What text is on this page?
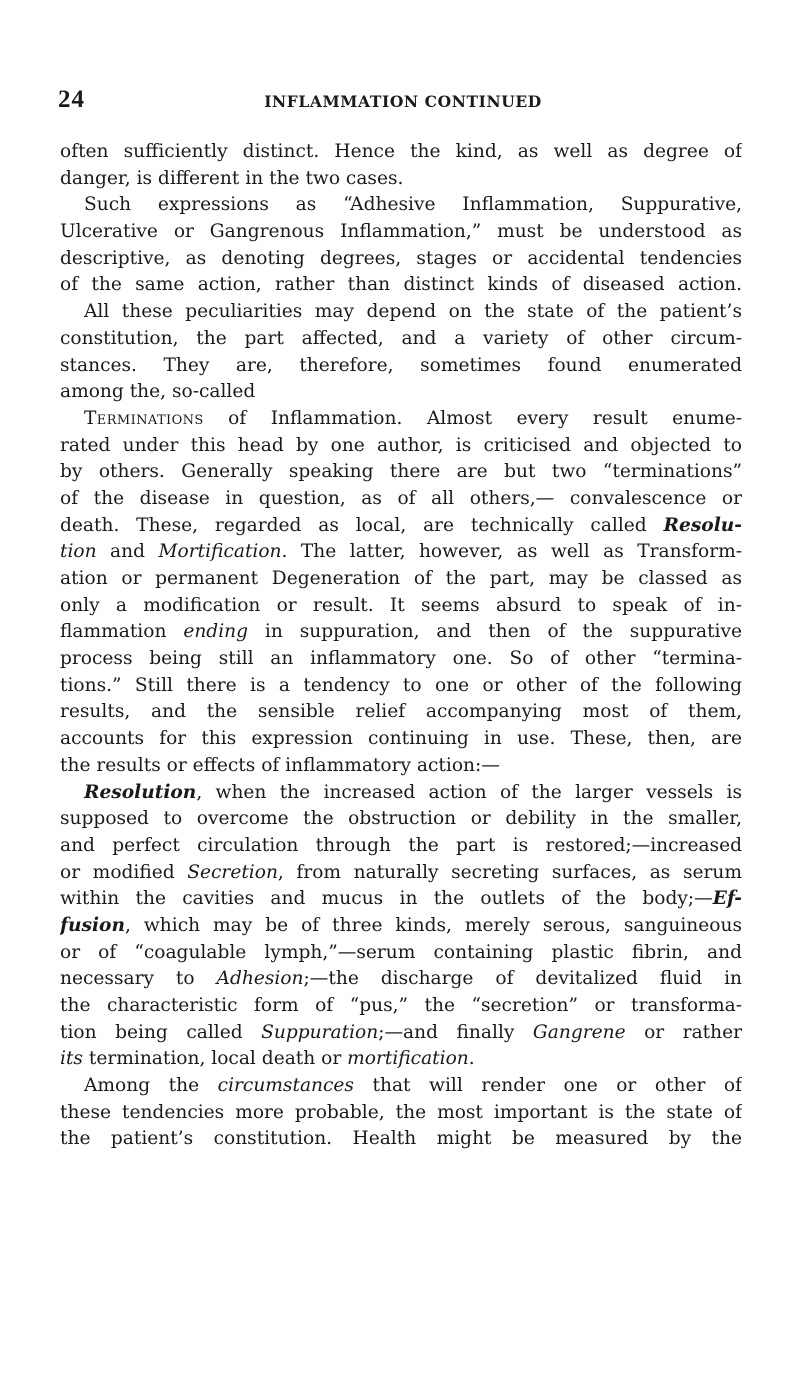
24	INFLAMMATION CONTINUED
often sufficiently distinct. Hence the kind, as well as degree of
danger, is different in the two cases.
Such expressions as “Adhesive Inflammation, Suppurative,
Ulcerative or Gangrenous Inflammation,” must be understood as
descriptive, as denoting degrees, stages or accidental tendencies
of the same action, rather than distinct kinds of diseased action.
All these peculiarities may depend on the state of the patient’s
constitution, the part affected, and a variety of other circum-
stances. They are, therefore, sometimes found enumerated
among the, so-called
Terminations of Inflammation. Almost every result enume-
rated under this head by one author, is criticised and objected to
by others. Generally speaking there are but two “terminations”
of the disease in question, as of all others,— convalescence or
death. These, regarded as local, are technically called Resolu-
tion and Mortification. The latter, however, as well as Transform-
ation or permanent Degeneration of the part, may be classed as
only a modification or result. It seems absurd to speak of in-
flammation ending in suppuration, and then of the suppurative
process being still an inflammatory one. So of other “termina-
tions.” Still there is a tendency to one or other of the following
results, and the sensible relief accompanying most of them,
accounts for this expression continuing in use. These, then, are
the results or effects of inflammatory action:—
Resolution, when the increased action of the larger vessels is
supposed to overcome the obstruction or debility in the smaller,
and perfect circulation through the part is restored;—increased
or modified Secretion, from naturally secreting surfaces, as serum
within the cavities and mucus in the outlets of the body;—Ef-
fusion, which may be of three kinds, merely serous, sanguineous
or of “coagulable lymph,”—serum containing plastic fibrin, and
necessary to Adhesion;—the discharge of devitalized fluid in
the characteristic form of “pus,” the “secretion” or transforma-
tion being called Suppuration;—and finally Gangrene or rather
its termination, local death or mortification.
Among the circumstances that will render one or other of
these tendencies more probable, the most important is the state of
the patient’s constitution. Health might be measured by the
